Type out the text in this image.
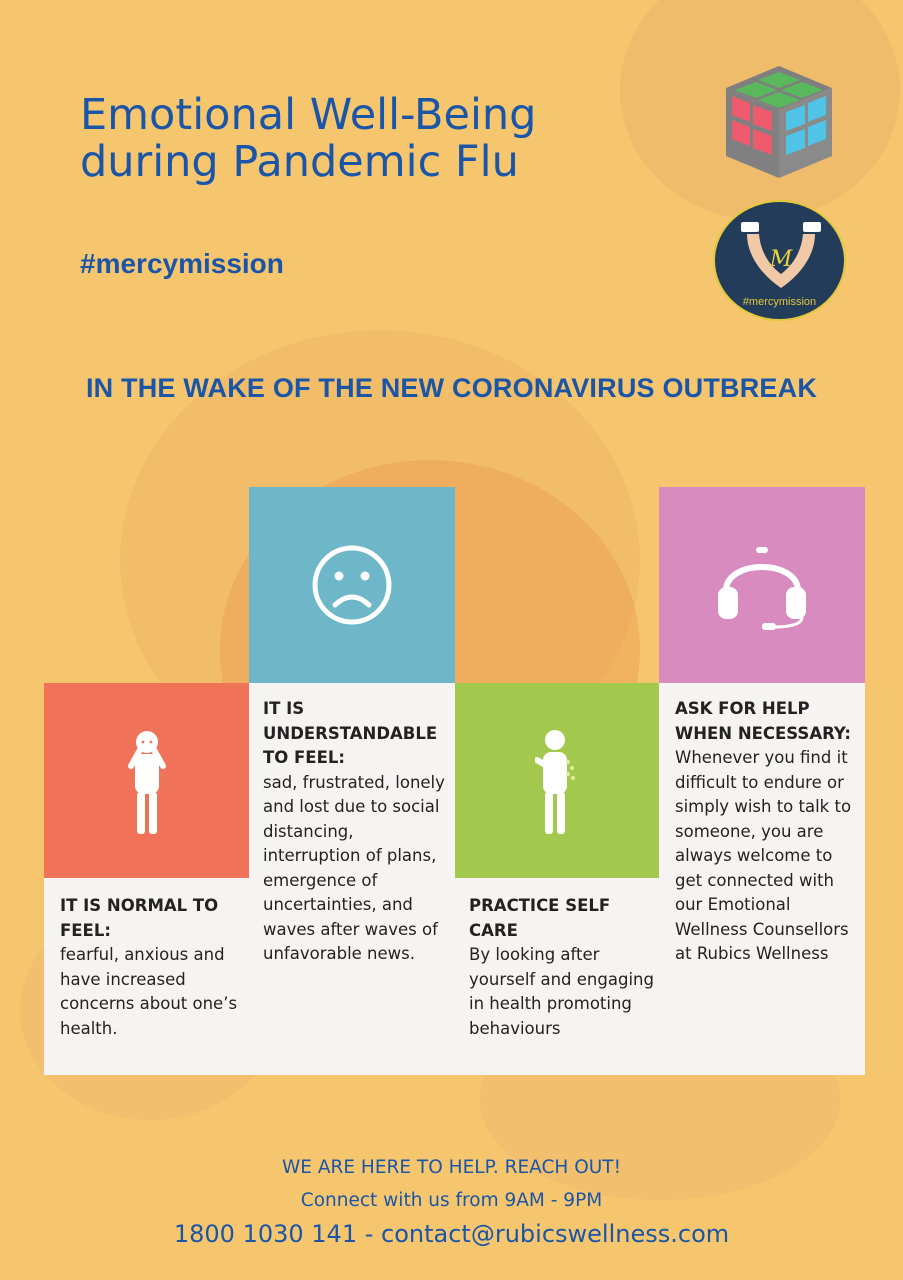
Emotional Well-Being during Pandemic Flu
#mercymission	M
#mercymission
IN THE WAKE OF THE NEW CORONAVIRUS OUTBREAK
IT IS NORMAL TO FEEL:
fearful, anxious and have increased concerns about one’s health.
IT IS UNDERSTANDABLE TO FEEL:
sad, frustrated, lonely and lost due to social distancing, interruption of plans, emergence of uncertainties, and waves after waves of unfavorable news.
PRACTICE SELF CARE
By looking after yourself and engaging in health promoting behaviours
ASK FOR HELP WHEN NECESSARY:
Whenever you find it difficult to endure or simply wish to talk to someone, you are always welcome to get connected with our Emotional Wellness Counsellors at Rubics Wellness
WE ARE HERE TO HELP. REACH OUT!
Connect with us from 9AM - 9PM
1800 1030 141 - contact@rubicswellness.com
